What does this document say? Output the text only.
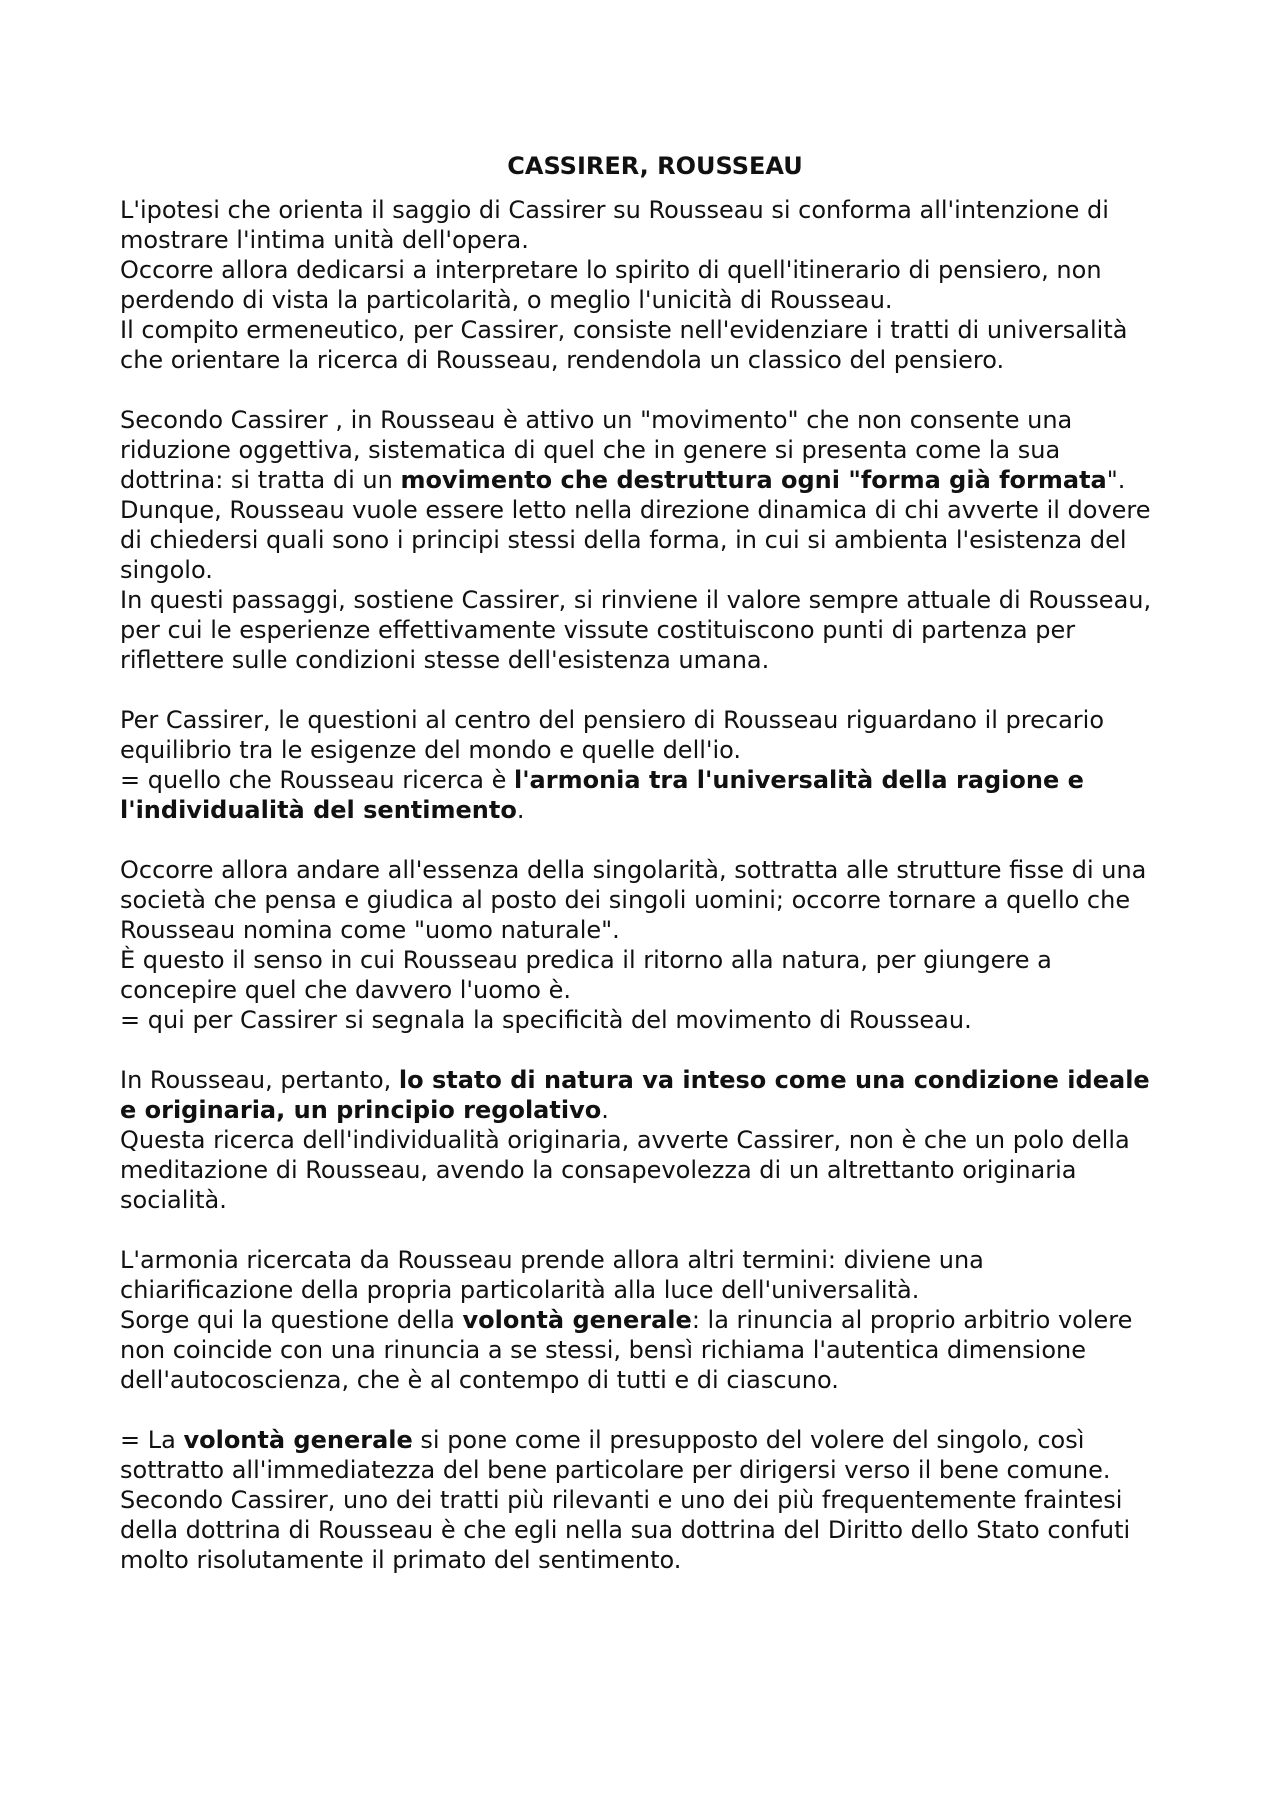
CASSIRER, ROUSSEAU
L'ipotesi che orienta il saggio di Cassirer su Rousseau si conforma all'intenzione di mostrare l'intima unità dell'opera.
Occorre allora dedicarsi a interpretare lo spirito di quell'itinerario di pensiero, non perdendo di vista la particolarità, o meglio l'unicità di Rousseau.
Il compito ermeneutico, per Cassirer, consiste nell'evidenziare i tratti di universalità che orientare la ricerca di Rousseau, rendendola un classico del pensiero.
Secondo Cassirer , in Rousseau è attivo un "movimento" che non consente una riduzione oggettiva, sistematica di quel che in genere si presenta come la sua dottrina: si tratta di un movimento che destruttura ogni "forma già formata".
Dunque, Rousseau vuole essere letto nella direzione dinamica di chi avverte il dovere di chiedersi quali sono i principi stessi della forma, in cui si ambienta l'esistenza del singolo.
In questi passaggi, sostiene Cassirer, si rinviene il valore sempre attuale di Rousseau, per cui le esperienze effettivamente vissute costituiscono punti di partenza per riflettere sulle condizioni stesse dell'esistenza umana.
Per Cassirer, le questioni al centro del pensiero di Rousseau riguardano il precario equilibrio tra le esigenze del mondo e quelle dell'io.
= quello che Rousseau ricerca è l'armonia tra l'universalità della ragione e l'individualità del sentimento.
Occorre allora andare all'essenza della singolarità, sottratta alle strutture fisse di una società che pensa e giudica al posto dei singoli uomini; occorre tornare a quello che Rousseau nomina come "uomo naturale".
È questo il senso in cui Rousseau predica il ritorno alla natura, per giungere a concepire quel che davvero l'uomo è.
= qui per Cassirer si segnala la specificità del movimento di Rousseau.
In Rousseau, pertanto, lo stato di natura va inteso come una condizione ideale e originaria, un principio regolativo.
Questa ricerca dell'individualità originaria, avverte Cassirer, non è che un polo della meditazione di Rousseau, avendo la consapevolezza di un altrettanto originaria socialità.
L'armonia ricercata da Rousseau prende allora altri termini: diviene una chiarificazione della propria particolarità alla luce dell'universalità.
Sorge qui la questione della volontà generale: la rinuncia al proprio arbitrio volere non coincide con una rinuncia a se stessi, bensì richiama l'autentica dimensione dell'autocoscienza, che è al contempo di tutti e di ciascuno.
= La volontà generale si pone come il presupposto del volere del singolo, così sottratto all'immediatezza del bene particolare per dirigersi verso il bene comune.
Secondo Cassirer, uno dei tratti più rilevanti e uno dei più frequentemente fraintesi della dottrina di Rousseau è che egli nella sua dottrina del Diritto dello Stato confuti molto risolutamente il primato del sentimento.
